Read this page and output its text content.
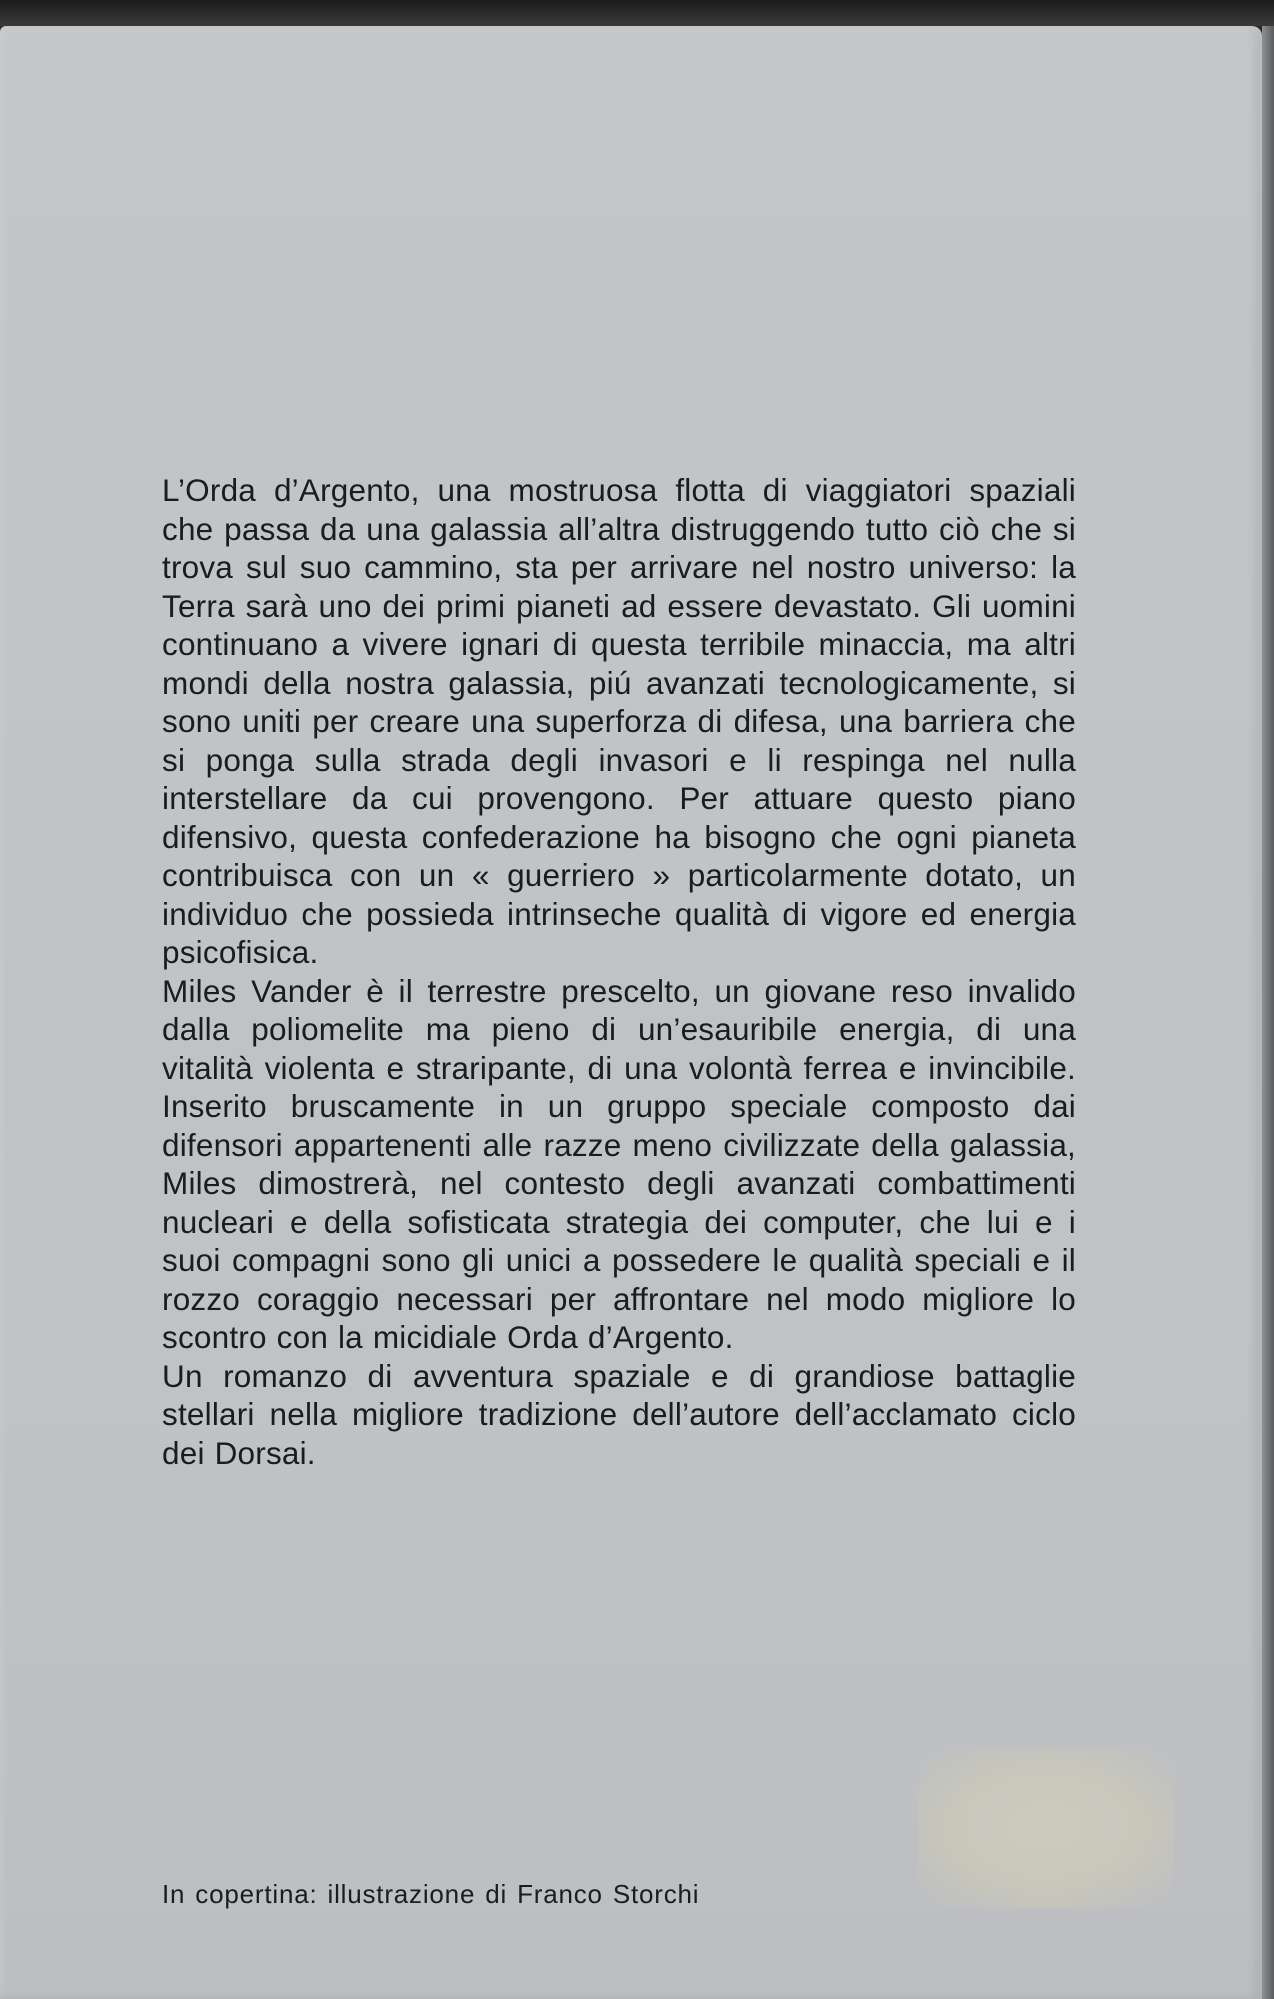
L’Orda d’Argento, una mostruosa flotta di viaggiatori spaziali che passa da una galassia all’altra distruggendo tutto ciò che si trova sul suo cammino, sta per arrivare nel nostro universo: la Terra sarà uno dei primi pianeti ad essere devastato. Gli uomini continuano a vivere ignari di questa terribile minaccia, ma altri mondi della nostra galassia, piú avanzati tecnologicamente, si sono uniti per creare una superforza di difesa, una barriera che si ponga sulla strada degli invasori e li respinga nel nulla interstellare da cui provengono. Per attuare questo piano difensivo, questa confederazione ha bisogno che ogni pianeta contribuisca con un « guerriero » particolarmente dotato, un individuo che possieda intrinseche qualità di vigore ed energia psicofisica.

Miles Vander è il terrestre prescelto, un giovane reso invalido dalla poliomelite ma pieno di un’esauribile energia, di una vitalità violenta e straripante, di una volontà ferrea e invincibile. Inserito bruscamente in un gruppo speciale composto dai difensori appartenenti alle razze meno civilizzate della galassia, Miles dimostrerà, nel contesto degli avanzati combattimenti nucleari e della sofisticata strategia dei computer, che lui e i suoi compagni sono gli unici a possedere le qualità speciali e il rozzo coraggio necessari per affrontare nel modo migliore lo scontro con la micidiale Orda d’Argento.

Un romanzo di avventura spaziale e di grandiose battaglie stellari nella migliore tradizione dell’autore dell’acclamato ciclo dei Dorsai.

In copertina: illustrazione di Franco Storchi
